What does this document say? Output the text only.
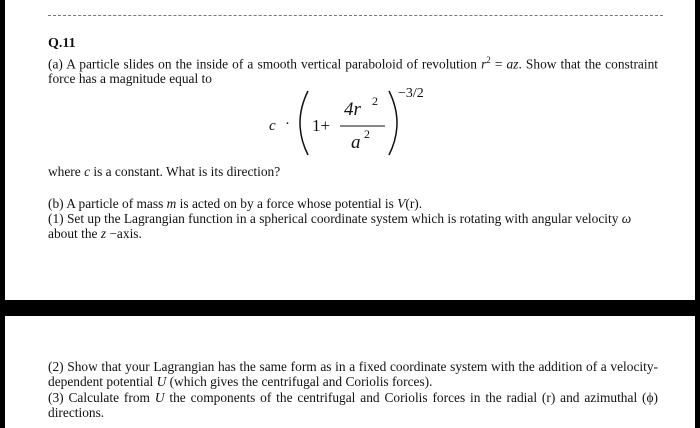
Q.11
(a) A particle slides on the inside of a smooth vertical paraboloid of revolution $r^2$ = az. Show that the constraint force has a magnitude equal to
c · 1+
4r 2
a 2
−3/2
where c is a constant. What is its direction?
(b) A particle of mass m is acted on by a force whose potential is V(r).
(1) Set up the Lagrangian function in a spherical coordinate system which is rotating with angular velocity ω
about the z −axis.
(2) Show that your Lagrangian has the same form as in a fixed coordinate system with the addition of a velocity-dependent potential U (which gives the centrifugal and Coriolis forces).
(3) Calculate from U the components of the centrifugal and Coriolis forces in the radial (r) and azimuthal (ϕ) directions.
